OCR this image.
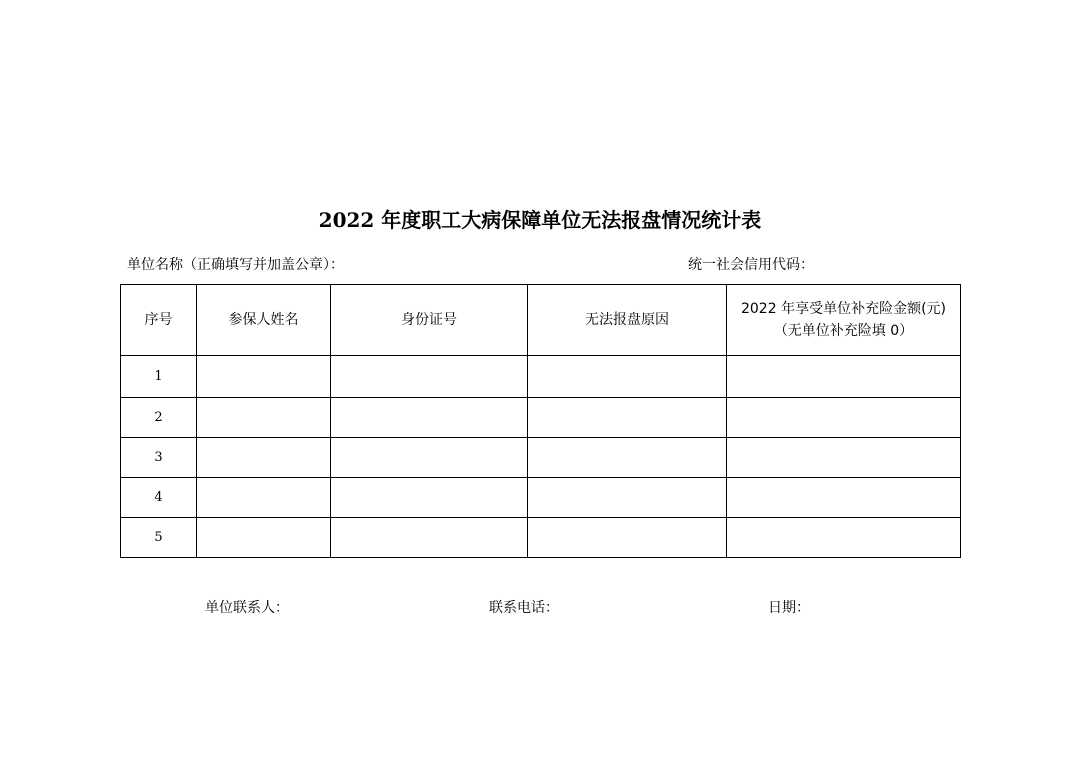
2022 年度职工大病保障单位无法报盘情况统计表
单位名称（正确填写并加盖公章）：	统一社会信用代码：
序号	参保人姓名	身份证号	无法报盘原因	2022 年享受单位补充险金额(元)
（无单位补充险填 0）

1				
2				
3				
4				
5				
单位联系人：	联系电话：	日期：
